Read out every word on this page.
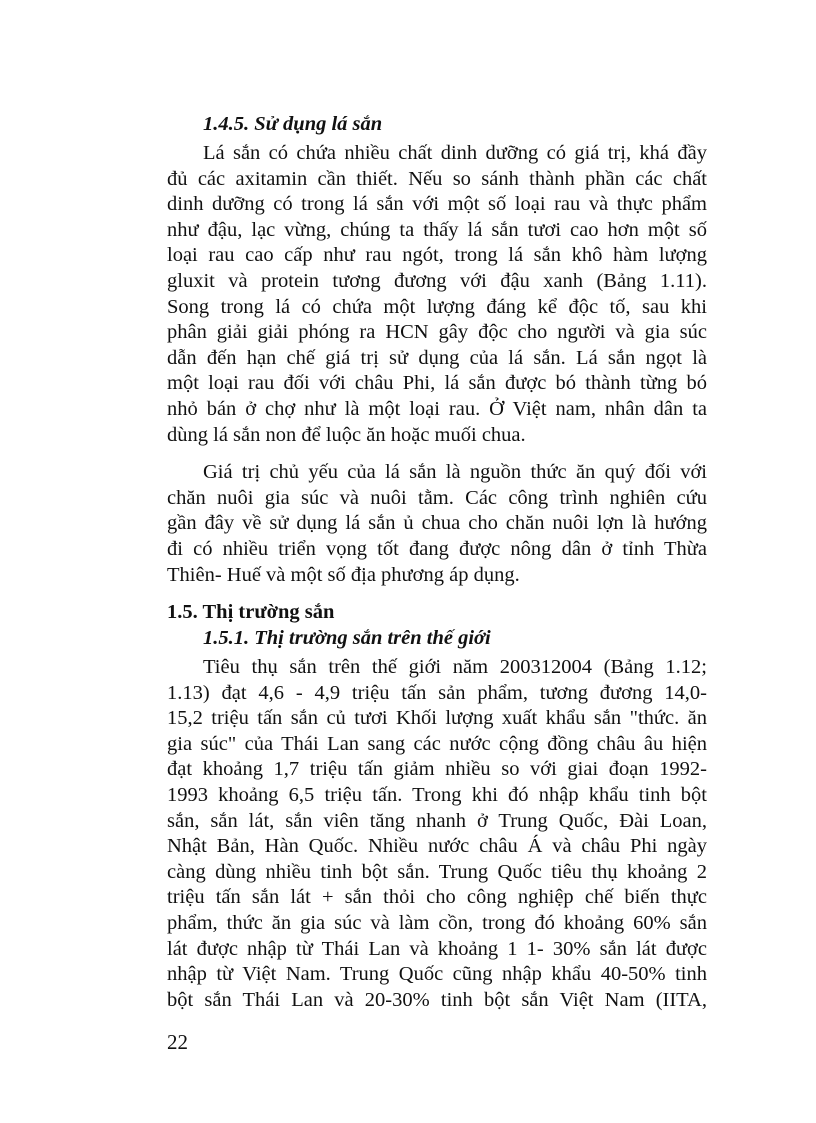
1.4.5. Sử dụng lá sắn
Lá sắn có chứa nhiều chất dinh dưỡng có giá trị, khá đầy
đủ các axitamin cần thiết. Nếu so sánh thành phần các chất
dinh dưỡng có trong lá sắn với một số loại rau và thực phẩm
như đậu, lạc vừng, chúng ta thấy lá sắn tươi cao hơn một số
loại rau cao cấp như rau ngót, trong lá sắn khô hàm lượng
gluxit và protein tương đương với đậu xanh (Bảng 1.11).
Song trong lá có chứa một lượng đáng kể độc tố, sau khi
phân giải giải phóng ra HCN gây độc cho người và gia súc
dẫn đến hạn chế giá trị sử dụng của lá sắn. Lá sắn ngọt là
một loại rau đối với châu Phi, lá sắn được bó thành từng bó
nhỏ bán ở chợ như là một loại rau. Ở Việt nam, nhân dân ta
dùng lá sắn non để luộc ăn hoặc muối chua.
Giá trị chủ yếu của lá sắn là nguồn thức ăn quý đối với
chăn nuôi gia súc và nuôi tằm. Các công trình nghiên cứu
gần đây về sử dụng lá sắn ủ chua cho chăn nuôi lợn là hướng
đi có nhiều triển vọng tốt đang được nông dân ở tỉnh Thừa
Thiên- Huế và một số địa phương áp dụng.
1.5. Thị trường sắn
1.5.1. Thị trường sắn trên thế giới
Tiêu thụ sắn trên thế giới năm 200312004 (Bảng 1.12;
1.13) đạt 4,6 - 4,9 triệu tấn sản phẩm, tương đương 14,0-
15,2 triệu tấn sắn củ tươi Khối lượng xuất khẩu sắn "thức. ăn
gia súc" của Thái Lan sang các nước cộng đồng châu âu hiện
đạt khoảng 1,7 triệu tấn giảm nhiều so với giai đoạn 1992-
1993 khoảng 6,5 triệu tấn. Trong khi đó nhập khẩu tinh bột
sắn, sắn lát, sắn viên tăng nhanh ở Trung Quốc, Đài Loan,
Nhật Bản, Hàn Quốc. Nhiều nước châu Á và châu Phi ngày
càng dùng nhiều tinh bột sắn. Trung Quốc tiêu thụ khoảng 2
triệu tấn sắn lát + sắn thỏi cho công nghiệp chế biến thực
phẩm, thức ăn gia súc và làm cồn, trong đó khoảng 60% sắn
lát được nhập từ Thái Lan và khoảng 1 1- 30% sắn lát được
nhập từ Việt Nam. Trung Quốc cũng nhập khẩu 40-50% tinh
bột sắn Thái Lan và 20-30% tinh bột sắn Việt Nam (IITA,
22
